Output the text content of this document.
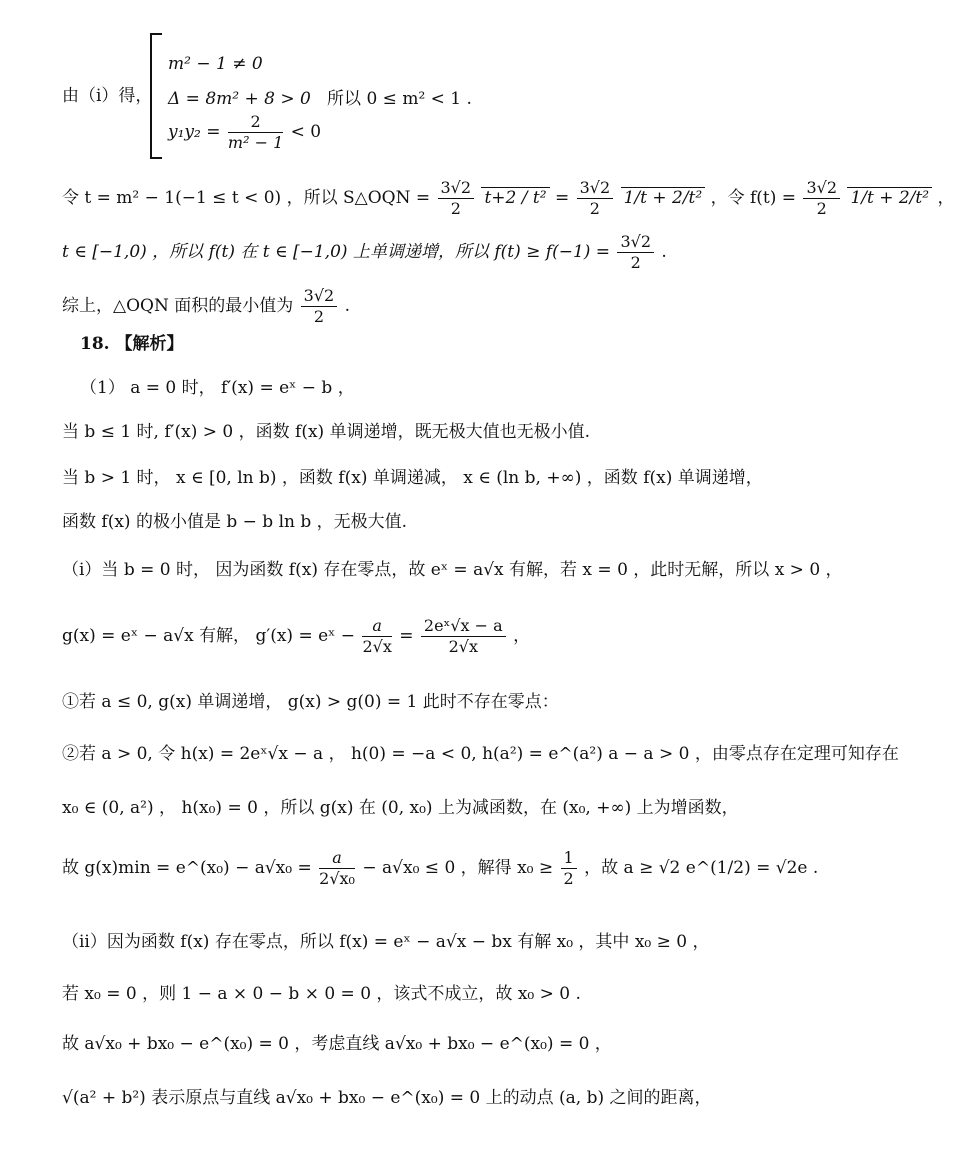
由（i）得，
m² − 1 ≠ 0
Δ = 8m² + 8 > 0 所以 0 ≤ m² < 1 .
$y_1y_2 = \frac{2}{\text{m² − 1}} < 0$
令 t = m² − 1(−1 ≤ t < 0) ，所以 S△OQN = $\frac{3√2}{2} t+2 / t^2 = \frac{3√2}{2} 1/t + 2/t^2$ ，令 $f(t) = \frac{3√2}{2} 1/t + 2/t^2$ ，
t ∈ [−1,0) ，所以 f(t) 在 t ∈ [−1,0) 上单调递增，所以 $f(t) \ge f(-1) = \frac{3√2}{2}$ .
综上，△OQN 面积的最小值为 $\frac{3√2}{2}$ .
18. 【解析】
（1） a = 0 时， f′(x) = eˣ − b ，
当 b ≤ 1 时, f′(x) > 0 ，函数 f(x) 单调递增，既无极大值也无极小值.
当 b > 1 时， x ∈ [0, ln b) ，函数 f(x) 单调递减， x ∈ (ln b, +∞) ，函数 f(x) 单调递增，
函数 f(x) 的极小值是 b − b ln b ，无极大值.
（i）当 b = 0 时， 因为函数 f(x) 存在零点，故 eˣ = a√x 有解，若 x = 0 ，此时无解，所以 x > 0 ，
g(x) = eˣ − a√x 有解， g′(x) = eˣ − $\frac{a}{2√x} = \frac{\text{2eˣ√x − a}}{2√x}$ ，
①若 a ≤ 0, g(x) 单调递增， g(x) > g(0) = 1 此时不存在零点：
②若 a > 0, 令 h(x) = 2eˣ√x − a ， h(0) = −a < 0, h(a²) = e^(a²) a − a > 0 ，由零点存在定理可知存在
x₀ ∈ (0, a²) ， h(x₀) = 0 ，所以 g(x) 在 (0, x₀) 上为减函数，在 (x₀, +∞) 上为增函数，
故 g(x)min = e^(x₀) − $a√x_0 = \frac{a}{\text{2√x₀}} - a√x_0 \le 0$ ，解得 $x_0 \ge \frac{1}{2}$ ，故 a ≥ √2 e^(1/2) = √2e .
（ii）因为函数 f(x) 存在零点，所以 f(x) = eˣ − a√x − bx 有解 x₀ ，其中 x₀ ≥ 0 ，
若 x₀ = 0 ，则 1 − a × 0 − b × 0 = 0 ，该式不成立，故 x₀ > 0 .
故 a√x₀ + bx₀ − e^(x₀) = 0 ，考虑直线 a√x₀ + bx₀ − e^(x₀) = 0 ，
√(a² + b²) 表示原点与直线 a√x₀ + bx₀ − e^(x₀) = 0 上的动点 (a, b) 之间的距离，
